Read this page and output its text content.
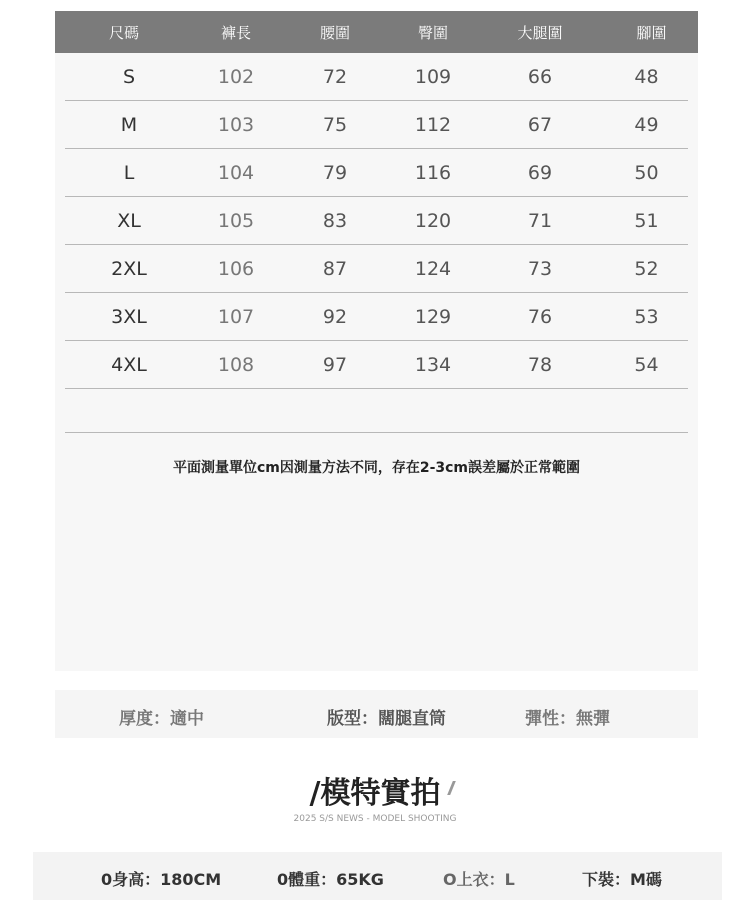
尺碼	褲長	腰圍	臀圍	大腿圍	腳圍
S	102	72	109	66	48
M	103	75	112	67	49
L	104	79	116	69	50
XL	105	83	120	71	51
2XL	106	87	124	73	52
3XL	107	92	129	76	53
4XL	108	97	134	78	54
平面測量單位cm因測量方法不同，存在2-3cm誤差屬於正常範圍
厚度：適中	版型：闊腿直筒	彈性：無彈
/模特實拍
2025 S/S NEWS - MODEL SHOOTING
0身高：180CM	0體重：65KG	O上衣：L	下裝：M碼
